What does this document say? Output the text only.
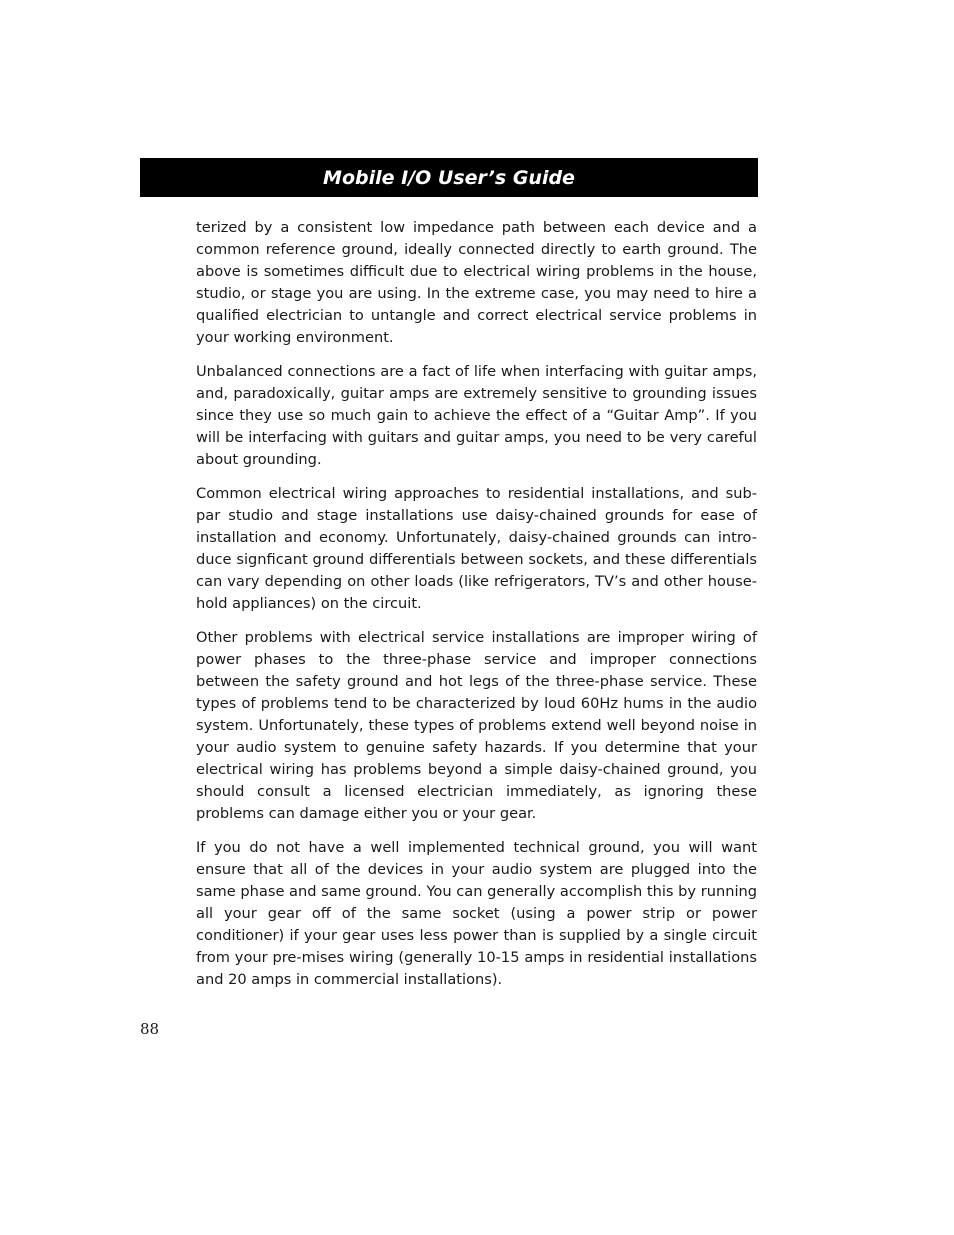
Mobile I/O User’s Guide

terized by a consistent low impedance path between each device and a common reference ground, ideally connected directly to earth ground. The above is sometimes difficult due to electrical wiring problems in the house, studio, or stage you are using. In the extreme case, you may need to hire a qualified electrician to untangle and correct electrical service problems in your working environment.

Unbalanced connections are a fact of life when interfacing with guitar amps, and, paradoxically, guitar amps are extremely sensitive to grounding issues since they use so much gain to achieve the effect of a “Guitar Amp”. If you will be interfacing with guitars and guitar amps, you need to be very careful about grounding.

Common electrical wiring approaches to residential installations, and sub-par studio and stage installations use daisy-chained grounds for ease of installation and economy. Unfortunately, daisy-chained grounds can intro-duce signficant ground differentials between sockets, and these differentials can vary depending on other loads (like refrigerators, TV’s and other house-hold appliances) on the circuit.

Other problems with electrical service installations are improper wiring of power phases to the three-phase service and improper connections between the safety ground and hot legs of the three-phase service. These types of problems tend to be characterized by loud 60Hz hums in the audio system. Unfortunately, these types of problems extend well beyond noise in your audio system to genuine safety hazards. If you determine that your electrical wiring has problems beyond a simple daisy-chained ground, you should consult a licensed electrician immediately, as ignoring these problems can damage either you or your gear.

If you do not have a well implemented technical ground, you will want ensure that all of the devices in your audio system are plugged into the same phase and same ground. You can generally accomplish this by running all your gear off of the same socket (using a power strip or power conditioner) if your gear uses less power than is supplied by a single circuit from your pre-mises wiring (generally 10-15 amps in residential installations and 20 amps in commercial installations).

88
